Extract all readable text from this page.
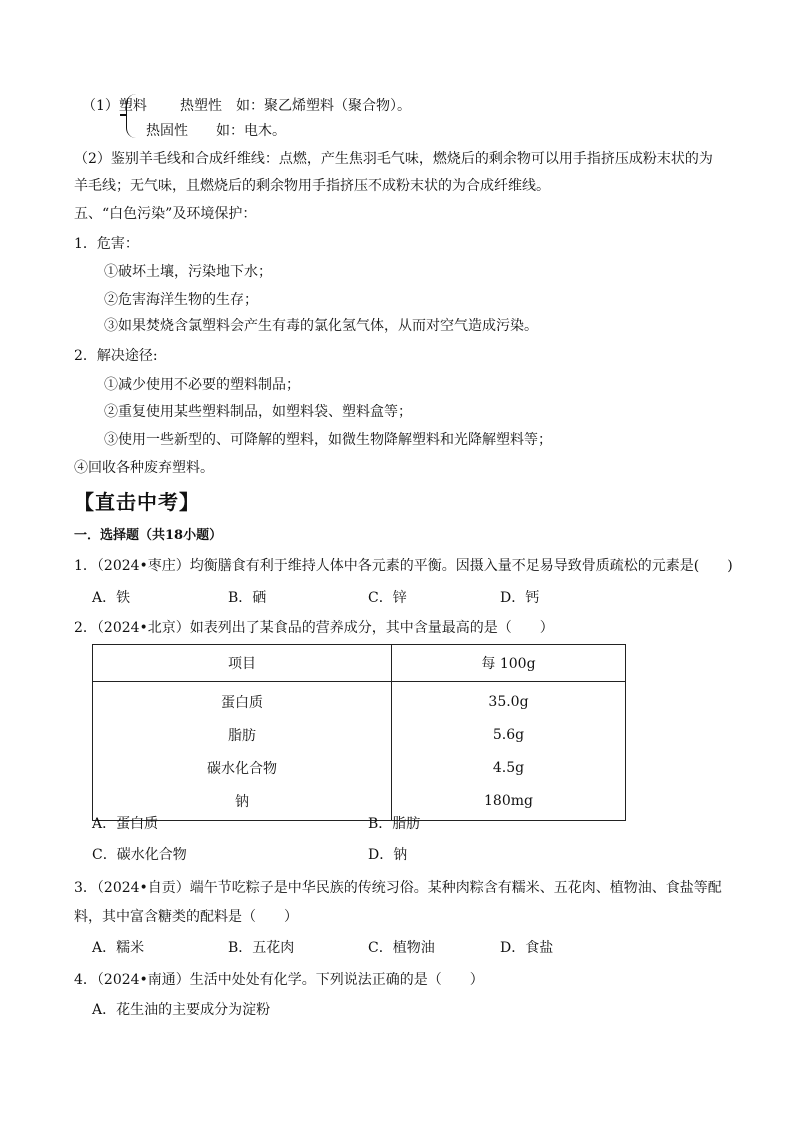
（1）塑料 热塑性 如：聚乙烯塑料（聚合物）。
热固性 如：电木。
（2）鉴别羊毛线和合成纤维线：点燃，产生焦羽毛气味，燃烧后的剩余物可以用手指挤压成粉末状的为
羊毛线；无气味，且燃烧后的剩余物用手指挤压不成粉末状的为合成纤维线。
五、“白色污染”及环境保护：
1．危害：
①破坏土壤，污染地下水；
②危害海洋生物的生存；
③如果焚烧含氯塑料会产生有毒的氯化氢气体，从而对空气造成污染。
2．解决途径:
①减少使用不必要的塑料制品；
②重复使用某些塑料制品，如塑料袋、塑料盒等；
③使用一些新型的、可降解的塑料，如微生物降解塑料和光降解塑料等；
④回收各种废弃塑料。
【直击中考】
一．选择题（共18小题）
1．（2024•枣庄）均衡膳食有利于维持人体中各元素的平衡。因摄入量不足易导致骨质疏松的元素是(　　)
A．铁	B．硒	C．锌	D．钙
2．（2024•北京）如表列出了某食品的营养成分，其中含量最高的是（　　）
项目	每 100g
蛋白质	35.0g
脂肪	5.6g
碳水化合物	4.5g
钠	180mg
A．蛋白质	B．脂肪
C．碳水化合物	D．钠
3．（2024•自贡）端午节吃粽子是中华民族的传统习俗。某种肉粽含有糯米、五花肉、植物油、食盐等配
料，其中富含糖类的配料是（　　）
A．糯米	B．五花肉	C．植物油	D．食盐
4．（2024•南通）生活中处处有化学。下列说法正确的是（　　）
A．花生油的主要成分为淀粉
